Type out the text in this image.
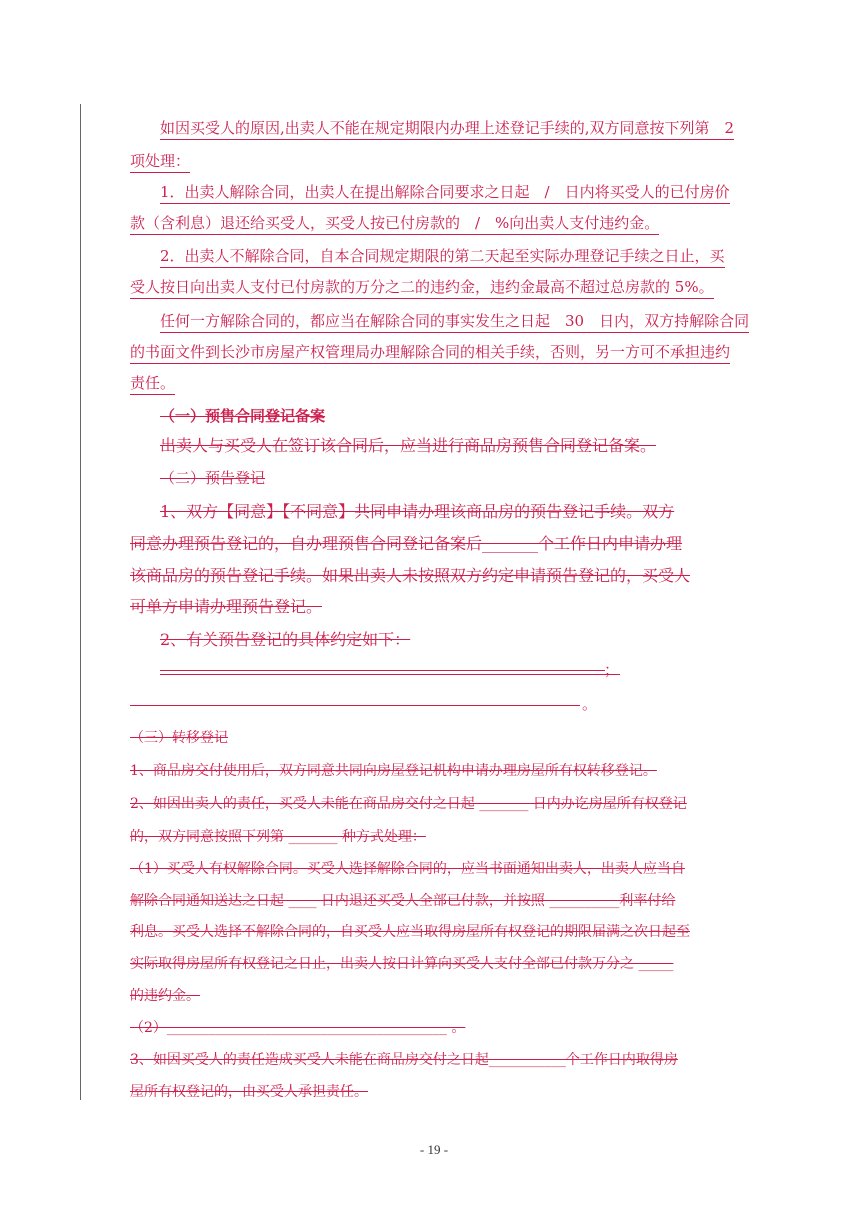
如因买受人的原因,出卖人不能在规定期限内办理上述登记手续的,双方同意按下列第　2
项处理：
1．出卖人解除合同，出卖人在提出解除合同要求之日起　/　日内将买受人的已付房价
款（含利息）退还给买受人，买受人按已付房款的　/　%向出卖人支付违约金。
2．出卖人不解除合同，自本合同规定期限的第二天起至实际办理登记手续之日止，买
受人按日向出卖人支付已付房款的万分之二的违约金，违约金最高不超过总房款的 5%。
任何一方解除合同的，都应当在解除合同的事实发生之日起　30　日内，双方持解除合同
的书面文件到长沙市房屋产权管理局办理解除合同的相关手续，否则，另一方可不承担违约
责任。
（一）预售合同登记备案
出卖人与买受人在签订该合同后，应当进行商品房预售合同登记备案。
（二）预告登记
1、双方【同意】【不同意】共同申请办理该商品房的预告登记手续。双方
同意办理预告登记的，自办理预售合同登记备案后_______个工作日内申请办理
该商品房的预告登记手续。如果出卖人未按照双方约定申请预告登记的，买受人
可单方申请办理预告登记。
2、有关预告登记的具体约定如下：
；
。
（三）转移登记
1、商品房交付使用后，双方同意共同向房屋登记机构申请办理房屋所有权转移登记。
2、如因出卖人的责任，买受人未能在商品房交付之日起 _______ 日内办讫房屋所有权登记
的，双方同意按照下列第 _______ 种方式处理：
（1）买受人有权解除合同。买受人选择解除合同的，应当书面通知出卖人，出卖人应当自
解除合同通知送达之日起 ____ 日内退还买受人全部已付款，并按照 __________利率付给
利息。买受人选择不解除合同的，自买受人应当取得房屋所有权登记的期限届满之次日起至
实际取得房屋所有权登记之日止，出卖人按日计算向买受人支付全部已付款万分之 _____
的违约金。
（2）________________________________________ 。
3、如因买受人的责任造成买受人未能在商品房交付之日起___________个工作日内取得房
屋所有权登记的，由买受人承担责任。
- 19 -
